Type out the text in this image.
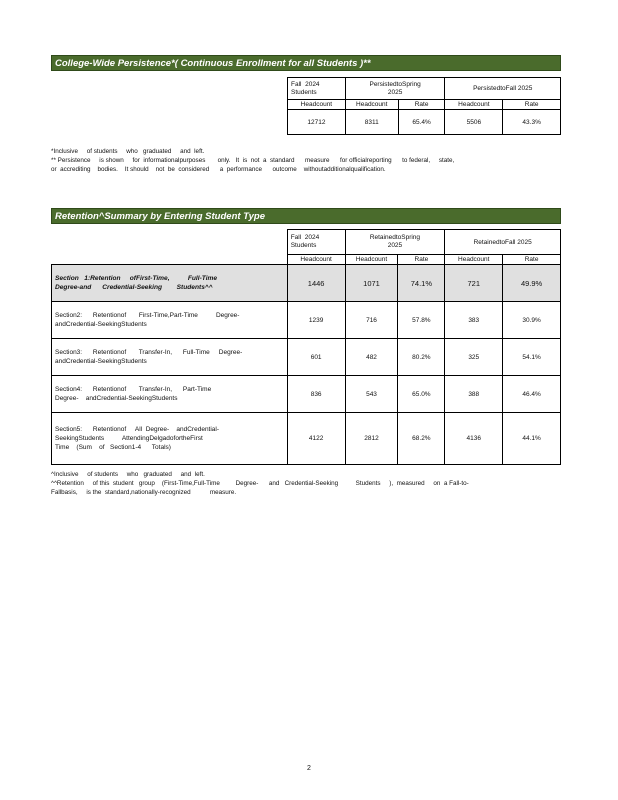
College-Wide Persistence*( Continuous Enrollment for all Students )**
Fall  2024
Students	PersistedtoSpring
2025		PersistedtoFall 2025	
Headcount	Headcount	Rate	Headcount	Rate
12712	8311	65.4%	5506	43.3%
*Inclusive     of students     who   graduated     and  left.
** Persistence     is shown     for  informationalpurposes       only.   It  is  not  a  standard      measure      for officialreporting      to federal,     state,
or  accrediting    bodies.    It should    not  be  considered      a  performance      outcome    withoutadditionalqualification.
Retention^Summary by Entering Student Type
	Fall  2024
Students	RetainedtoSpring
2025		RetainedtoFall 2025	
	Headcount	Headcount	Rate	Headcount	Rate
Section   1:Retention     ofFirst-Time,          Full-Time
Degree-and      Credential-Seeking        Students^^	1446	1071	74.1%	721	49.9%
Section2:      Retentionof       First-Time,Part-Time          Degree-
andCredential-SeekingStudents	1239	716	57.8%	383	30.9%
Section3:      Retentionof       Transfer-In,      Full-Time     Degree-
andCredential-SeekingStudents	601	482	80.2%	325	54.1%
Section4:      Retentionof       Transfer-In,      Part-Time
Degree-    andCredential-SeekingStudents	836	543	65.0%	388	46.4%
Section5:      Retentionof     All  Degree-    andCredential-
SeekingStudents          AttendingDelgadofortheFirst
Time    (Sum    of   Section1-4      Totals)	4122	2812	68.2%	4136	44.1%
^Inclusive     of students     who   graduated     and  left.
^^Retention     of this  student   group    (First-Time,Full-Time         Degree-      and   Credential-Seeking          Students     ),  measured     on  a Fall-to-
Fallbasis,     is the  standard,nationally-recognized           measure.
2
